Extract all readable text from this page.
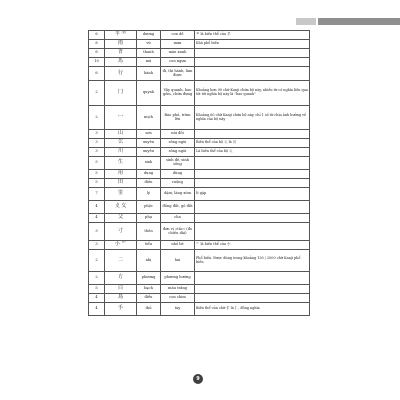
6	羊 ⺷	dương	con dê	⺷ là biến thể của 羊
8	雨	vũ	mưa	Khá phổ biến
8	青	thanh	màu xanh	
10	馬	mã	con ngựa	
6	行	hành	đi, thi hành, làm được	
2	冂	quynh	Vây quanh, bao gồm, chứa đựng	Khoảng hơn 90 chữ Kanji chứa bộ này, nhiều từ có nghĩa liên qua tới tới nghĩa bộ này là "bao quanh"
2	冖	mịch	Bao phủ, trùm lên	Khoảng 60 chữ Kanji chứa bộ này, chỉ 1 số từ chịu ảnh hưởng về nghĩa của bộ này
3	山	sơn	núi đồi	
3	巛	xuyên	sông ngòi	Biến thể của bộ 巛 là 川
3	川	xuyên	sông ngòi	Là biến thể của bộ 巛
5	生	sinh	sinh đẻ, sinh sống	
5	用	dụng	dùng	
5	田	điền	ruộng	
7	里	lý	dặm; làng xóm	Ít gặp
4	攴 攵	phộc	đồng đất, gõ đất	
4	父	phụ	cha	
3	寸	thốn	đơn vị «tấc» (đo chiều dài)	
3	小 ⺌	tiểu	nhỏ bé	⺌ là biến thể của 小
2	二	nhị	hai	Phổ biến. Được dùng trong khoảng 130 / 2000 chữ Kanji phổ biến
2	方	phương	phương hướng	
5	白	bạch	màu trắng	
4	鳥	điểu	con chim	
4	手	thủ	tay	Biến thể của chữ 手 là 扌, đồng nghĩa
9
